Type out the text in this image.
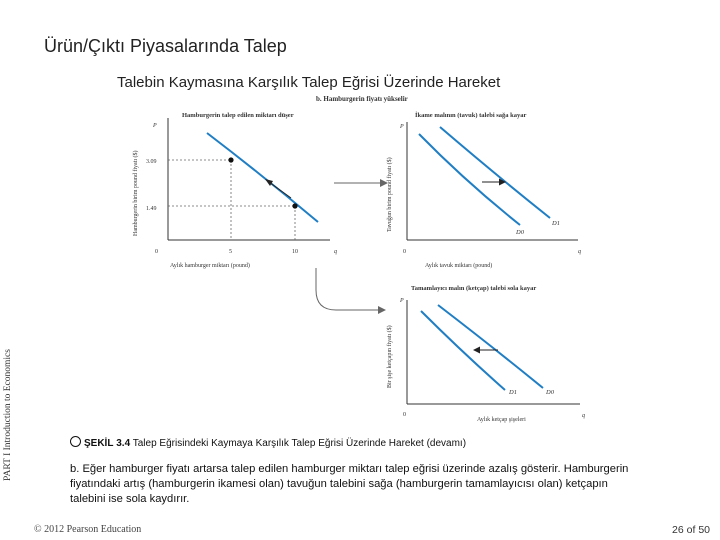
Ürün/Çıktı Piyasalarında Talep
Talebin Kaymasına Karşılık Talep Eğrisi Üzerinde Hareket
PART I Introduction to Economics
b. Hamburgerin fiyatı yükselir
Hamburgerin talep edilen miktarı düşer
P
q
0
Hamburgerin birim pound fiyatı ($)
Aylık hamburger miktarı (pound)
3.09
1.49
5	10
İkame malının (tavuk) talebi sağa kayar
P
q
0
Tavuğun birim pound fiyatı ($)
Aylık tavuk miktarı (pound)
D0
D1
Tamamlayıcı malın (ketçap) talebi sola kayar
P
q
0
Bir şişe ketçapın fiyatı ($)
Aylık ketçap şişeleri
D1	D0
ŞEKİL 3.4 Talep Eğrisindeki Kaymaya Karşılık Talep Eğrisi Üzerinde Hareket (devamı)
b. Eğer hamburger fiyatı artarsa talep edilen hamburger miktarı talep eğrisi üzerinde azalış gösterir. Hamburgerin fiyatındaki artış (hamburgerin ikamesi olan) tavuğun talebini sağa (hamburgerin tamamlayıcısı olan) ketçapın talebini ise sola kaydırır.
© 2012 Pearson Education	26 of 50
